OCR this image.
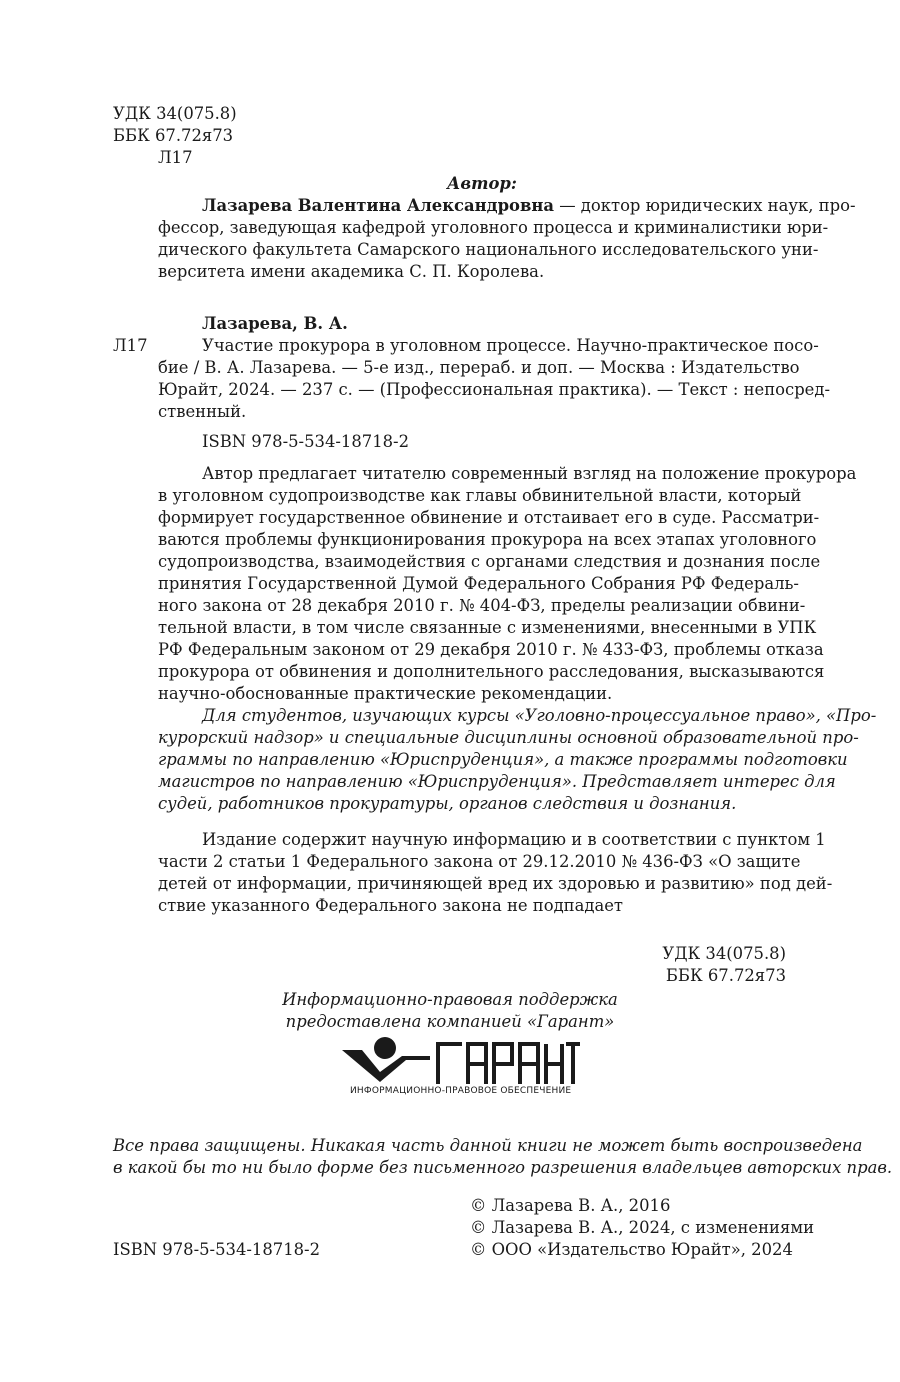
УДК 34(075.8)
ББК 67.72я73
Л17
Автор:
Лазарева Валентина Александровна — доктор юридических наук, про-
фессор, заведующая кафедрой уголовного процесса и криминалистики юри-
дического факультета Самарского национального исследовательского уни-
верситета имени академика С. П. Королева.
Лазарева, В. А.
Л17	Участие прокурора в уголовном процессе. Научно-практическое посо-
бие / В. А. Лазарева. — 5-е изд., перераб. и доп. — Москва : Издательство
Юрайт, 2024. — 237 с. — (Профессиональная практика). — Текст : непосред-
ственный.
ISBN 978-5-534-18718-2
Автор предлагает читателю современный взгляд на положение прокурора
в уголовном судопроизводстве как главы обвинительной власти, который
формирует государственное обвинение и отстаивает его в суде. Рассматри-
ваются проблемы функционирования прокурора на всех этапах уголовного
судопроизводства, взаимодействия с органами следствия и дознания после
принятия Государственной Думой Федерального Собрания РФ Федераль-
ного закона от 28 декабря 2010 г. № 404-ФЗ, пределы реализации обвини-
тельной власти, в том числе связанные с изменениями, внесенными в УПК
РФ Федеральным законом от 29 декабря 2010 г. № 433-ФЗ, проблемы отказа
прокурора от обвинения и дополнительного расследования, высказываются
научно-обоснованные практические рекомендации.
Для студентов, изучающих курсы «Уголовно-процессуальное право», «Про-
курорский надзор» и специальные дисциплины основной образовательной про-
граммы по направлению «Юриспруденция», а также программы подготовки
магистров по направлению «Юриспруденция». Представляет интерес для
судей, работников прокуратуры, органов следствия и дознания.
Издание содержит научную информацию и в соответствии с пунктом 1
части 2 статьи 1 Федерального закона от 29.12.2010 № 436-ФЗ «О защите
детей от информации, причиняющей вред их здоровью и развитию» под дей-
ствие указанного Федерального закона не подпадает
УДК 34(075.8)
ББК 67.72я73
Информационно-правовая поддержка
предоставлена компанией «Гарант»
ИНФОРМАЦИОННО-ПРАВОВОЕ ОБЕСПЕЧЕНИЕ
Все права защищены. Никакая часть данной книги не может быть воспроизведена
в какой бы то ни было форме без письменного разрешения владельцев авторских прав.
© Лазарева В. А., 2016
© Лазарева В. А., 2024, с изменениями
© ООО «Издательство Юрайт», 2024
ISBN 978-5-534-18718-2
